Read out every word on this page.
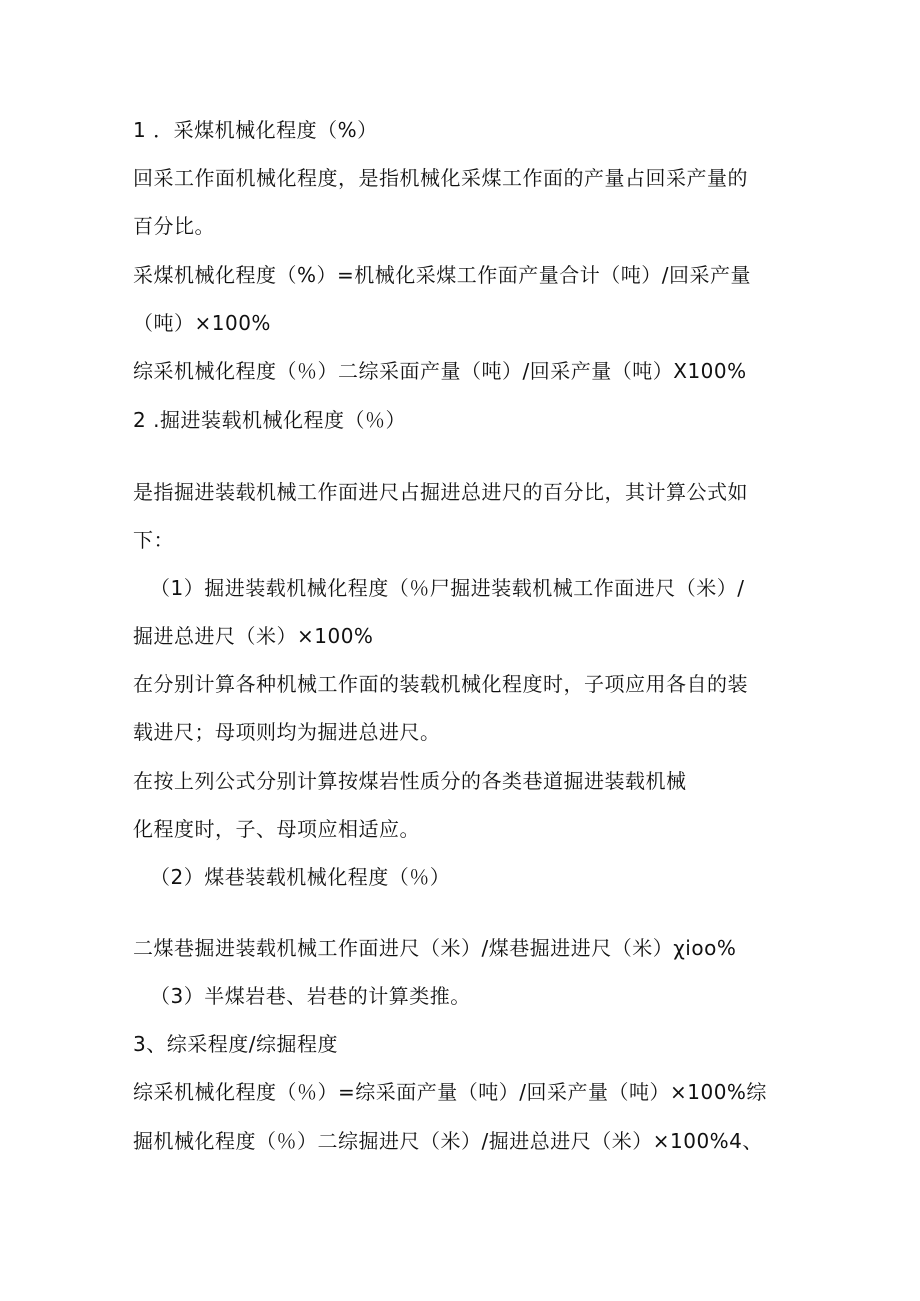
1 ．采煤机械化程度（%）
回采工作面机械化程度，是指机械化采煤工作面的产量占回采产量的
百分比。
采煤机械化程度（%）=机械化采煤工作面产量合计（吨）/回采产量
（吨）×100%
综采机械化程度（％）二综采面产量（吨）/回采产量（吨）X100%
2 .掘进装载机械化程度（％）
是指掘进装载机械工作面进尺占掘进总进尺的百分比，其计算公式如
下：
（1）掘进装载机械化程度（％尸掘进装载机械工作面进尺（米）/
掘进总进尺（米）×100%
在分别计算各种机械工作面的装载机械化程度时，子项应用各自的装
载进尺；母项则均为掘进总进尺。
在按上列公式分别计算按煤岩性质分的各类巷道掘进装载机械
化程度时，子、母项应相适应。
（2）煤巷装载机械化程度（％）
二煤巷掘进装载机械工作面进尺（米）/煤巷掘进进尺（米）χioo%
（3）半煤岩巷、岩巷的计算类推。
3、综采程度/综掘程度
综采机械化程度（％）=综采面产量（吨）/回采产量（吨）×100%综
掘机械化程度（％）二综掘进尺（米）/掘进总进尺（米）×100%4、
